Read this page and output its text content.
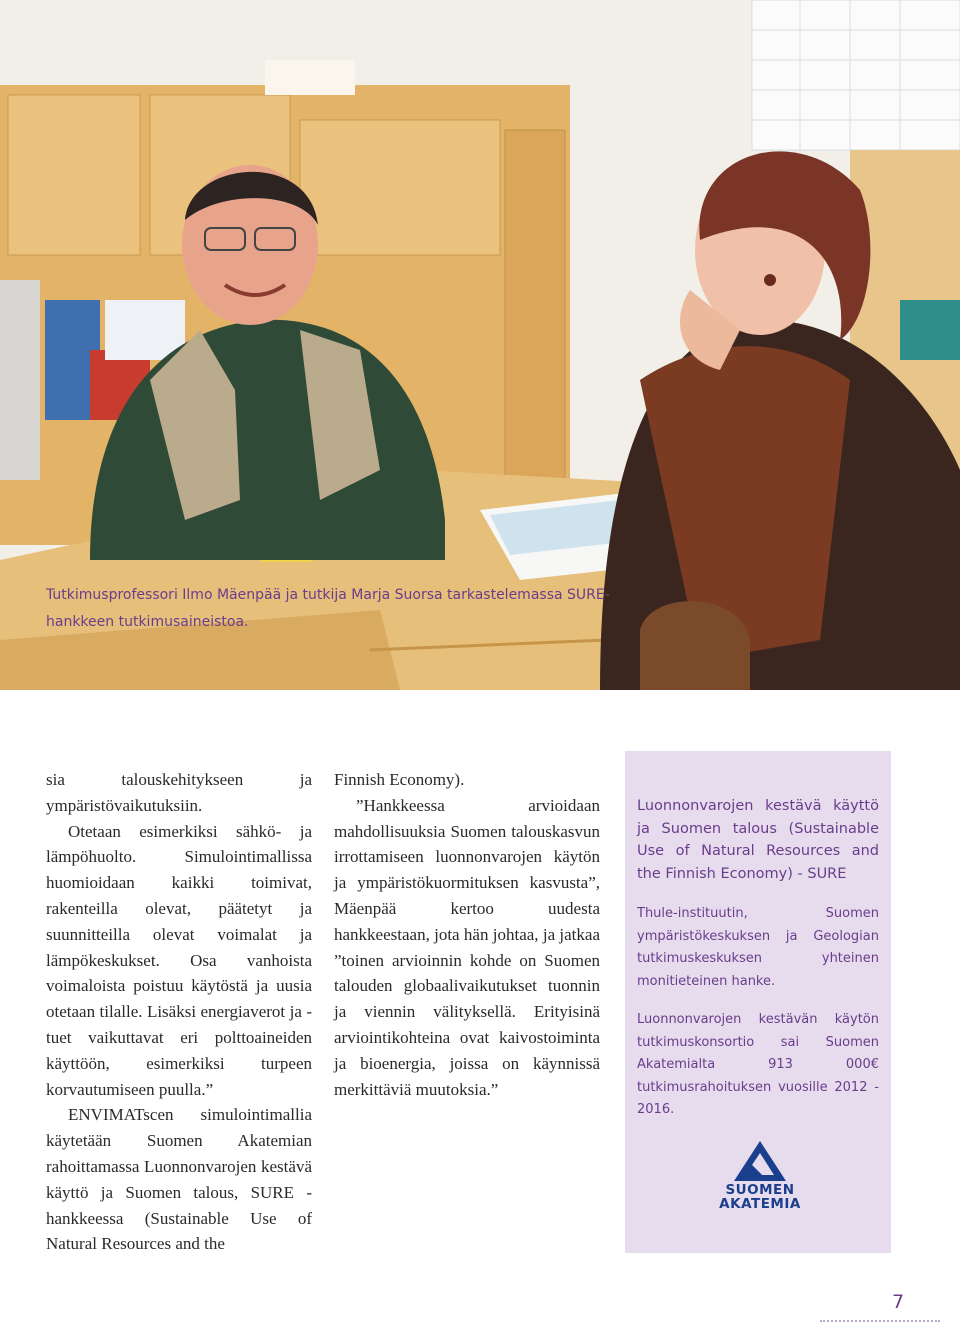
Tutkimusprofessori Ilmo Mäenpää ja tutkija Marja Suorsa tarkastelemassa SURE-hankkeen tutkimusaineistoa.

sia talouskehitykseen ja ympäristövaikutuksiin.

Otetaan esimerkiksi sähkö- ja lämpöhuolto. Simulointimallissa huomioidaan kaikki toimivat, rakenteilla olevat, päätetyt ja suunnitteilla olevat voimalat ja lämpökeskukset. Osa vanhoista voimaloista poistuu käytöstä ja uusia otetaan tilalle. Lisäksi energiaverot ja -tuet vaikuttavat eri polttoaineiden käyttöön, esimerkiksi turpeen korvautumiseen puulla.”

ENVIMATscen simulointimallia käytetään Suomen Akatemian rahoittamassa Luonnonvarojen kestävä käyttö ja Suomen talous, SURE -hankkeessa (Sustainable Use of Natural Resources and the

Finnish Economy).

”Hankkeessa arvioidaan mahdollisuuksia Suomen talouskasvun irrottamiseen luonnonvarojen käytön ja ympäristökuormituksen kasvusta”, Mäenpää kertoo uudesta hankkeestaan, jota hän johtaa, ja jatkaa ”toinen arvioinnin kohde on Suomen talouden globaalivaikutukset tuonnin ja viennin välityksellä. Erityisinä arviointikohteina ovat kaivostoiminta ja bioenergia, joissa on käynnissä merkittäviä muutoksia.”

Luonnonvarojen kestävä käyttö ja Suomen talous (Sustainable Use of Natural Resources and the Finnish Economy) - SURE

Thule-instituutin, Suomen ympäristökeskuksen ja Geologian tutkimuskeskuksen yhteinen monitieteinen hanke.

Luonnonvarojen kestävän käytön tutkimuskonsortio sai Suomen Akatemialta 913 000€ tutkimusrahoituksen vuosille 2012 - 2016.

SUOMEN
AKATEMIA
7
